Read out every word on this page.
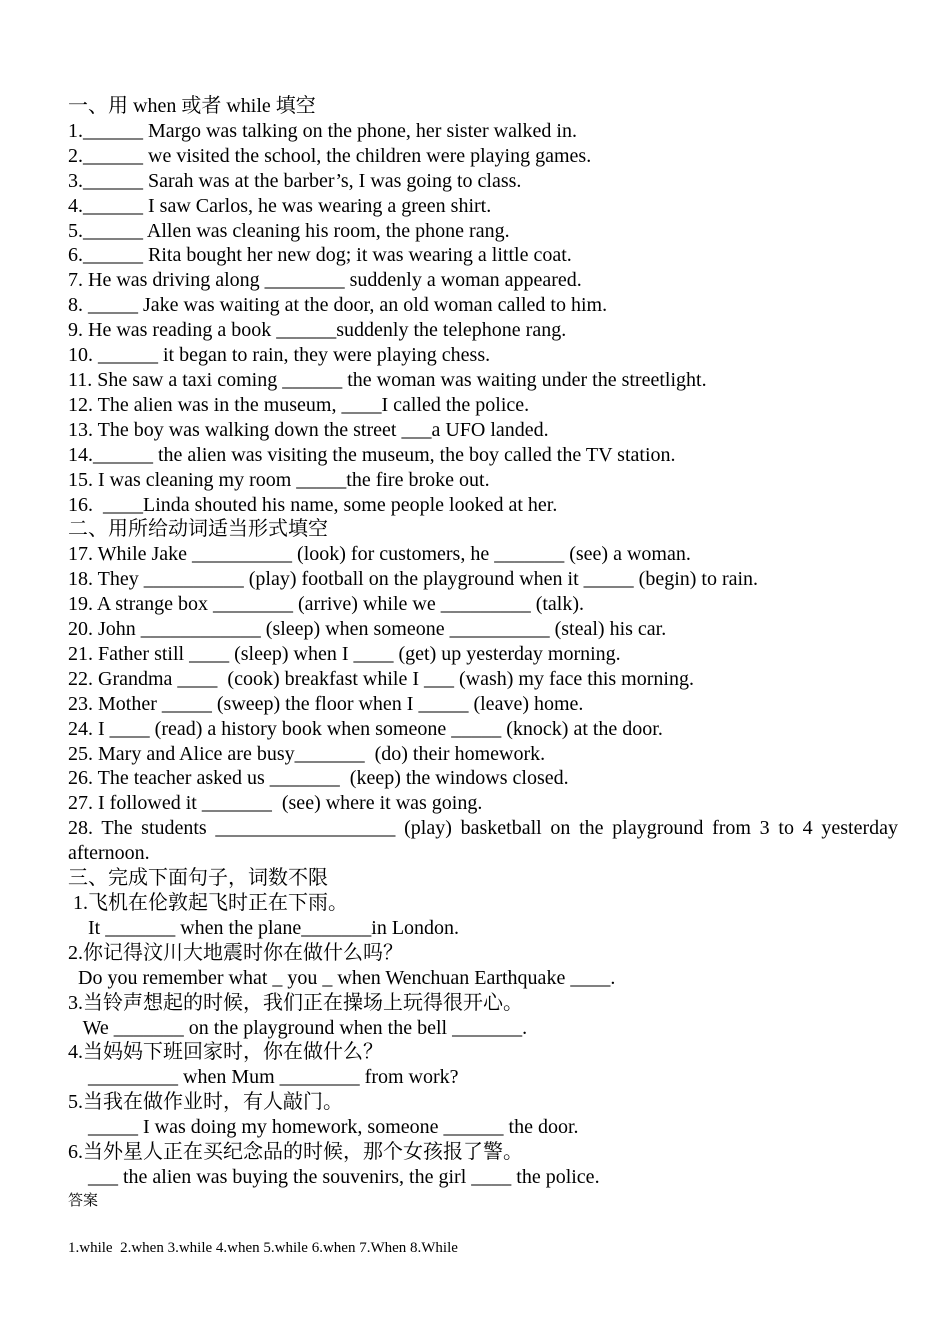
一、用 when 或者 while 填空
1.______ Margo was talking on the phone, her sister walked in.
2.______ we visited the school, the children were playing games.
3.______ Sarah was at the barber’s, I was going to class.
4.______ I saw Carlos, he was wearing a green shirt.
5.______ Allen was cleaning his room, the phone rang.
6.______ Rita bought her new dog; it was wearing a little coat.
7. He was driving along ________ suddenly a woman appeared.
8. _____ Jake was waiting at the door, an old woman called to him.
9. He was reading a book ______suddenly the telephone rang.
10. ______ it began to rain, they were playing chess.
11. She saw a taxi coming ______ the woman was waiting under the streetlight.
12. The alien was in the museum, ____I called the police.
13. The boy was walking down the street ___a UFO landed.
14.______ the alien was visiting the museum, the boy called the TV station.
15. I was cleaning my room _____the fire broke out.
16.  ____Linda shouted his name, some people looked at her.
二、用所给动词适当形式填空
17. While Jake __________ (look) for customers, he _______ (see) a woman.
18. They __________ (play) football on the playground when it _____ (begin) to rain.
19. A strange box ________ (arrive) while we _________ (talk).
20. John ____________ (sleep) when someone __________ (steal) his car.
21. Father still ____ (sleep) when I ____ (get) up yesterday morning.
22. Grandma ____  (cook) breakfast while I ___ (wash) my face this morning.
23. Mother _____ (sweep) the floor when I _____ (leave) home.
24. I ____ (read) a history book when someone _____ (knock) at the door.
25. Mary and Alice are busy_______  (do) their homework.
26. The teacher asked us _______  (keep) the windows closed.
27. I followed it _______  (see) where it was going.
28. The students __________________ (play) basketball on the playground from 3 to 4 yesterday afternoon.
三、完成下面句子，词数不限
1.飞机在伦敦起飞时正在下雨。
It _______ when the plane_______in London.
2.你记得汶川大地震时你在做什么吗？
Do you remember what _ you _ when Wenchuan Earthquake ____.
3.当铃声想起的时候，我们正在操场上玩得很开心。
We _______ on the playground when the bell _______.
4.当妈妈下班回家时，你在做什么？
_________ when Mum ________ from work?
5.当我在做作业时，有人敲门。
_____ I was doing my homework, someone ______ the door.
6.当外星人正在买纪念品的时候，那个女孩报了警。
___ the alien was buying the souvenirs, the girl ____ the police.
答案
1.while  2.when 3.while 4.when 5.while 6.when 7.When 8.While
